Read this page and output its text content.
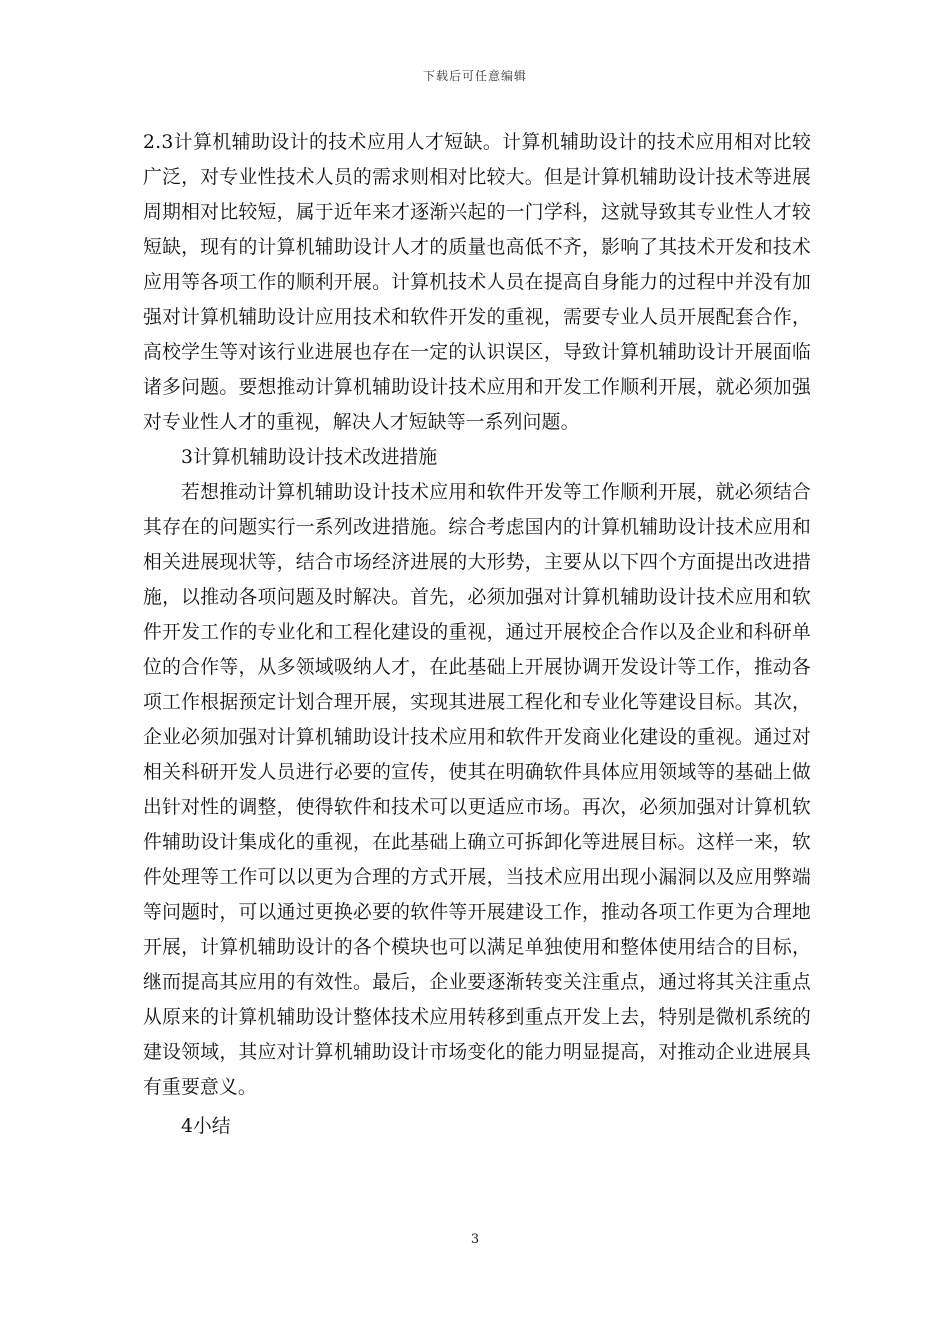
下载后可任意编辑

2.3计算机辅助设计的技术应用人才短缺。计算机辅助设计的技术应用相对比较广泛，对专业性技术人员的需求则相对比较大。但是计算机辅助设计技术等进展周期相对比较短，属于近年来才逐渐兴起的一门学科，这就导致其专业性人才较短缺，现有的计算机辅助设计人才的质量也高低不齐，影响了其技术开发和技术应用等各项工作的顺利开展。计算机技术人员在提高自身能力的过程中并没有加强对计算机辅助设计应用技术和软件开发的重视，需要专业人员开展配套合作，高校学生等对该行业进展也存在一定的认识误区，导致计算机辅助设计开展面临诸多问题。要想推动计算机辅助设计技术应用和开发工作顺利开展，就必须加强对专业性人才的重视，解决人才短缺等一系列问题。

3计算机辅助设计技术改进措施

若想推动计算机辅助设计技术应用和软件开发等工作顺利开展，就必须结合其存在的问题实行一系列改进措施。综合考虑国内的计算机辅助设计技术应用和相关进展现状等，结合市场经济进展的大形势，主要从以下四个方面提出改进措施，以推动各项问题及时解决。首先，必须加强对计算机辅助设计技术应用和软件开发工作的专业化和工程化建设的重视，通过开展校企合作以及企业和科研单位的合作等，从多领域吸纳人才，在此基础上开展协调开发设计等工作，推动各项工作根据预定计划合理开展，实现其进展工程化和专业化等建设目标。其次，企业必须加强对计算机辅助设计技术应用和软件开发商业化建设的重视。通过对相关科研开发人员进行必要的宣传，使其在明确软件具体应用领域等的基础上做出针对性的调整，使得软件和技术可以更适应市场。再次，必须加强对计算机软件辅助设计集成化的重视，在此基础上确立可拆卸化等进展目标。这样一来，软件处理等工作可以以更为合理的方式开展，当技术应用出现小漏洞以及应用弊端等问题时，可以通过更换必要的软件等开展建设工作，推动各项工作更为合理地开展，计算机辅助设计的各个模块也可以满足单独使用和整体使用结合的目标，继而提高其应用的有效性。最后，企业要逐渐转变关注重点，通过将其关注重点从原来的计算机辅助设计整体技术应用转移到重点开发上去，特别是微机系统的建设领域，其应对计算机辅助设计市场变化的能力明显提高，对推动企业进展具有重要意义。

4小结

3
